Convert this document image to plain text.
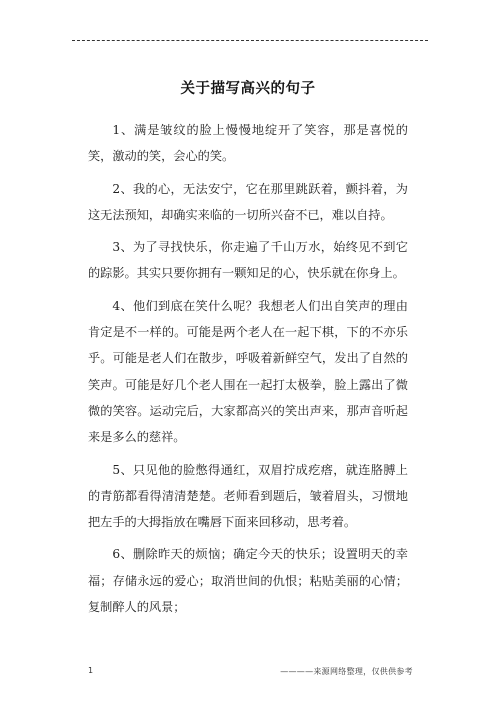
关于描写高兴的句子

1、满是皱纹的脸上慢慢地绽开了笑容，那是喜悦的笑，激动的笑，会心的笑。

2、我的心，无法安宁，它在那里跳跃着，颤抖着，为这无法预知，却确实来临的一切所兴奋不已，难以自持。

3、为了寻找快乐，你走遍了千山万水，始终见不到它的踪影。其实只要你拥有一颗知足的心，快乐就在你身上。

4、他们到底在笑什么呢？我想老人们出自笑声的理由肯定是不一样的。可能是两个老人在一起下棋，下的不亦乐乎。可能是老人们在散步，呼吸着新鲜空气，发出了自然的笑声。可能是好几个老人围在一起打太极拳，脸上露出了微微的笑容。运动完后，大家都高兴的笑出声来，那声音听起来是多么的慈祥。

5、只见他的脸憋得通红，双眉拧成疙瘩，就连胳膊上的青筋都看得清清楚楚。老师看到题后，皱着眉头，习惯地把左手的大拇指放在嘴唇下面来回移动，思考着。

6、删除昨天的烦恼；确定今天的快乐；设置明天的幸福；存储永远的爱心；取消世间的仇恨；粘贴美丽的心情；复制醉人的风景；

1	————来源网络整理，仅供供参考
